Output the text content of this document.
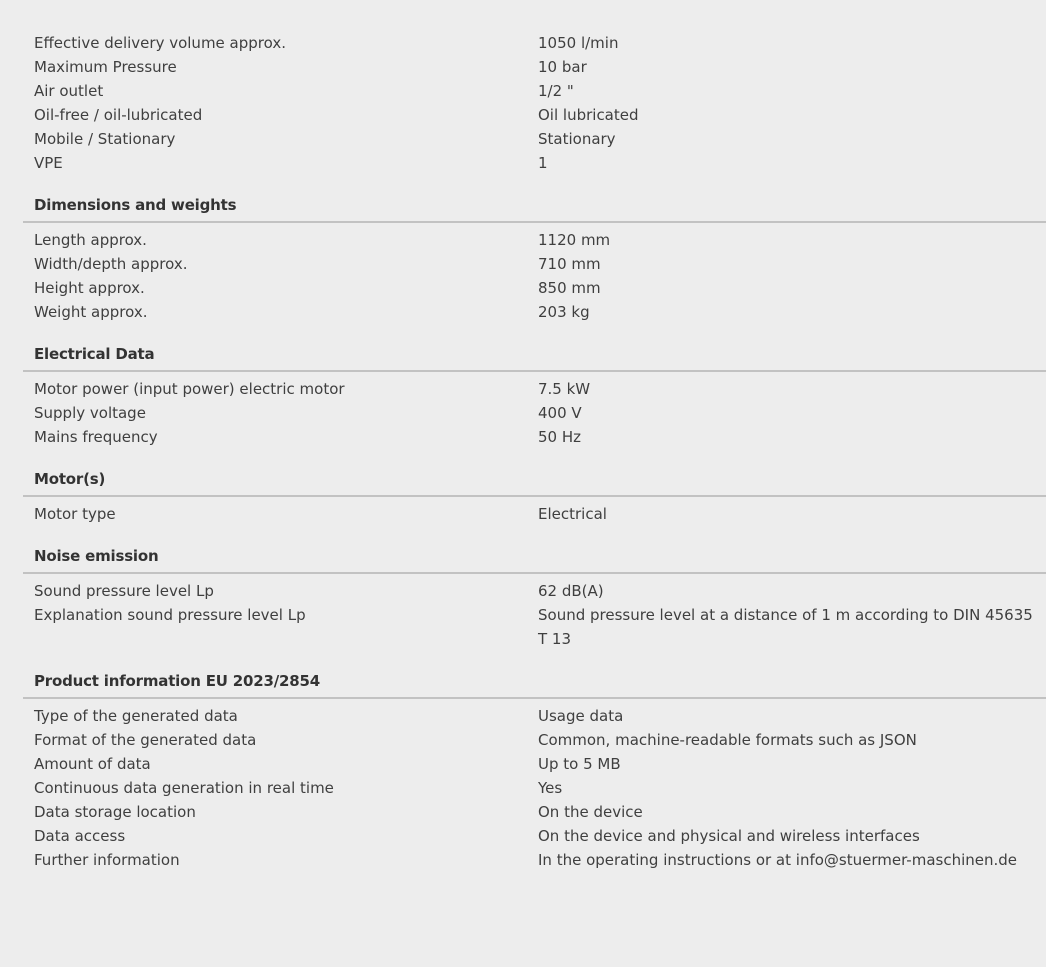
Effective delivery volume approx.	1050 l/min
Maximum Pressure	10 bar
Air outlet	1/2 "
Oil-free / oil-lubricated	Oil lubricated
Mobile / Stationary	Stationary
VPE	1
Dimensions and weights
Length approx.	1120 mm
Width/depth approx.	710 mm
Height approx.	850 mm
Weight approx.	203 kg
Electrical Data
Motor power (input power) electric motor	7.5 kW
Supply voltage	400 V
Mains frequency	50 Hz
Motor(s)
Motor type	Electrical
Noise emission
Sound pressure level Lp	62 dB(A)
Explanation sound pressure level Lp	Sound pressure level at a distance of 1 m according to DIN 45635 T 13
Product information EU 2023/2854
Type of the generated data	Usage data
Format of the generated data	Common, machine-readable formats such as JSON
Amount of data	Up to 5 MB
Continuous data generation in real time	Yes
Data storage location	On the device
Data access	On the device and physical and wireless interfaces
Further information	In the operating instructions or at info@stuermer-maschinen.de
